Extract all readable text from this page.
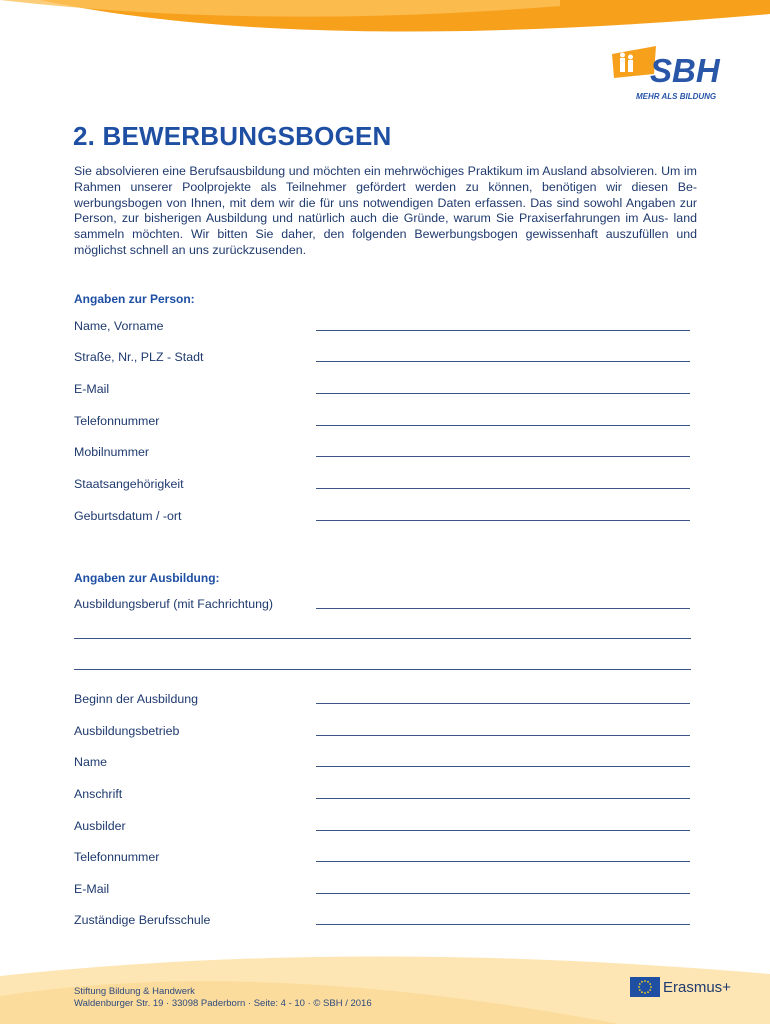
SBH
MEHR ALS BILDUNG
2. BEWERBUNGSBOGEN

Sie absolvieren eine Berufsausbildung und möchten ein mehrwöchiges Praktikum im Ausland absolvieren. Um im Rahmen unserer Poolprojekte als Teilnehmer gefördert werden zu können, benötigen wir diesen Be- werbungsbogen von Ihnen, mit dem wir die für uns notwendigen Daten erfassen. Das sind sowohl Angaben zur Person, zur bisherigen Ausbildung und natürlich auch die Gründe, warum Sie Praxiserfahrungen im Aus- land sammeln möchten. Wir bitten Sie daher, den folgenden Bewerbungsbogen gewissenhaft auszufüllen und möglichst schnell an uns zurückzusenden.

Angaben zur Person:
Name, Vorname
Straße, Nr., PLZ - Stadt
E-Mail
Telefonnummer
Mobilnummer
Staatsangehörigkeit
Geburtsdatum / -ort
Angaben zur Ausbildung:
Ausbildungsberuf (mit Fachrichtung)
Beginn der Ausbildung
Ausbildungsbetrieb
Name
Anschrift
Ausbilder
Telefonnummer
E-Mail
Zuständige Berufsschule
Stiftung Bildung & Handwerk
Waldenburger Str. 19 · 33098 Paderborn · Seite: 4 - 10 · © SBH / 2016
Erasmus+
